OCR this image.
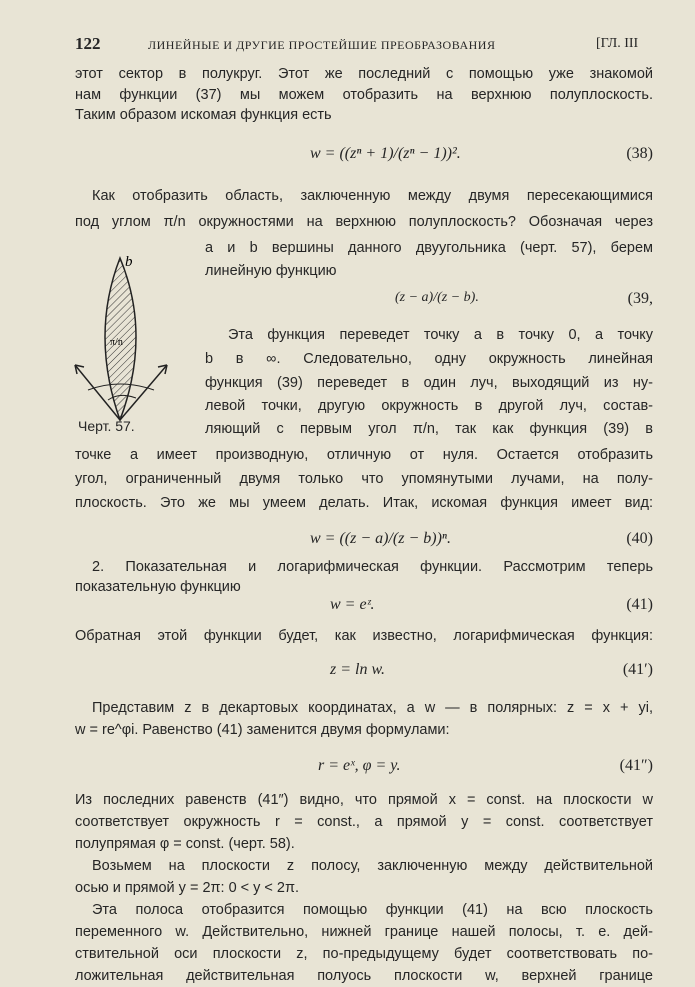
122	ЛИНЕЙНЫЕ И ДРУГИЕ ПРОСТЕЙШИЕ ПРЕОБРАЗОВАНИЯ	[ГЛ. III
этот сектор в полукруг. Этот же последний с помощью уже знакомой
нам функции (37) мы можем отобразить на верхнюю полуплоскость.
Таким образом искомая функция есть
w = ((zⁿ + 1)/(zⁿ − 1))².	(38)
Как отобразить область, заключенную между двумя пересекающимися
под углом π/n окружностями на верхнюю полуплоскость? Обозначая через
a и b вершины данного двуугольника (черт. 57), берем
линейную функцию
(z − a)/(z − b).	(39,
Эта функция переведет точку a в точку 0, а точку
b в ∞. Следовательно, одну окружность линейная
функция (39) переведет в один луч, выходящий из ну-
левой точки, другую окружность в другой луч, состав-
ляющий с первым угол π/n, так как функция (39) в
b
π/n
Черт. 57.
точке a имеет производную, отличную от нуля. Остается отобразить
угол, ограниченный двумя только что упомянутыми лучами, на полу-
плоскость. Это же мы умеем делать. Итак, искомая функция имеет вид:
w = ((z − a)/(z − b))ⁿ.	(40)
2. Показательная и логарифмическая функции. Рассмотрим теперь
показательную функцию
w = eᶻ.	(41)
Обратная этой функции будет, как известно, логарифмическая функция:
z = ln w.	(41′)
Представим z в декартовых координатах, а w — в полярных: z = x + yi,
w = re^φi. Равенство (41) заменится двумя формулами:
r = eˣ, φ = y.	(41″)
Из последних равенств (41″) видно, что прямой x = const. на плоскости w
соответствует окружность r = const., а прямой y = const. соответствует
полупрямая φ = const. (черт. 58).
Возьмем на плоскости z полосу, заключенную между действительной
осью и прямой y = 2π: 0 < y < 2π.
Эта полоса отобразится помощью функции (41) на всю плоскость
переменного w. Действительно, нижней границе нашей полосы, т. е. дей-
ствительной оси плоскости z, по-предыдущему будет соответствовать по-
ложительная действительная полуось плоскости w, верхней границе
